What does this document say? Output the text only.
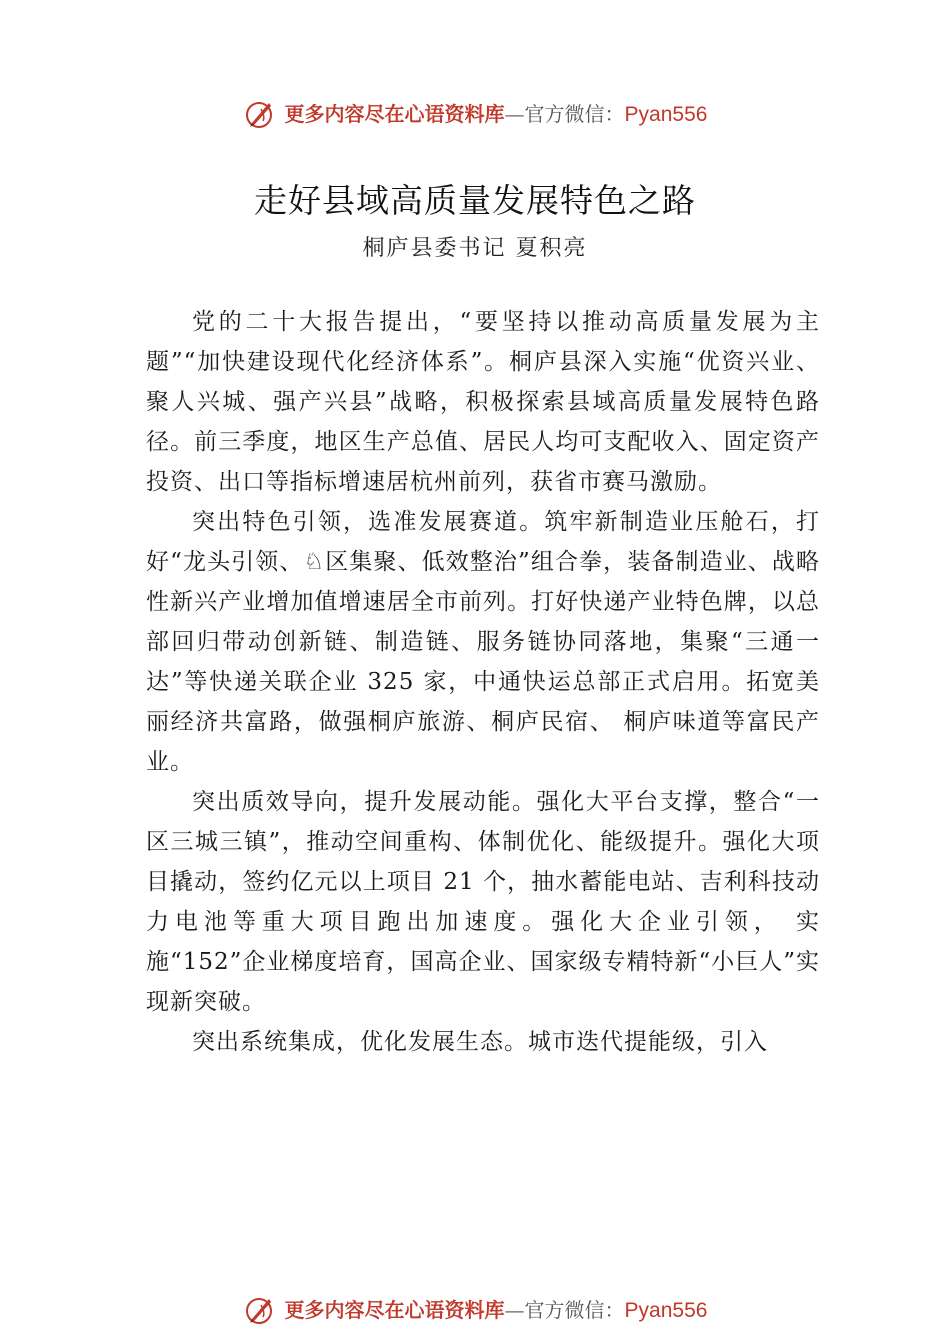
更多内容尽在心语资料库—官方微信：Pyan556
走好县域高质量发展特色之路
桐庐县委书记 夏积亮

党的二十大报告提出，“要坚持以推动高质量发展为主题”“加快建设现代化经济体系”。桐庐县深入实施“优资兴业、聚人兴城、强产兴县”战略，积极探索县域高质量发展特色路径。前三季度，地区生产总值、居民人均可支配收入、固定资产投资、出口等指标增速居杭州前列，获省市赛马激励。

突出特色引领，选准发展赛道。筑牢新制造业压舱石，打好“龙头引领、♘区集聚、低效整治”组合拳，装备制造业、战略性新兴产业增加值增速居全市前列。打好快递产业特色牌，以总部回归带动创新链、制造链、服务链协同落地，集聚“三通一达”等快递关联企业 325 家，中通快运总部正式启用。拓宽美丽经济共富路，做强桐庐旅游、桐庐民宿、 桐庐味道等富民产业。

突出质效导向，提升发展动能。强化大平台支撑，整合“一区三城三镇”，推动空间重构、体制优化、能级提升。强化大项目撬动，签约亿元以上项目 21 个，抽水蓄能电站、吉利科技动力电池等重大项目跑出加速度。强化大企业引领， 实施“152”企业梯度培育，国高企业、国家级专精特新“小巨人”实现新突破。

突出系统集成，优化发展生态。城市迭代提能级，引入

更多内容尽在心语资料库—官方微信：Pyan556
